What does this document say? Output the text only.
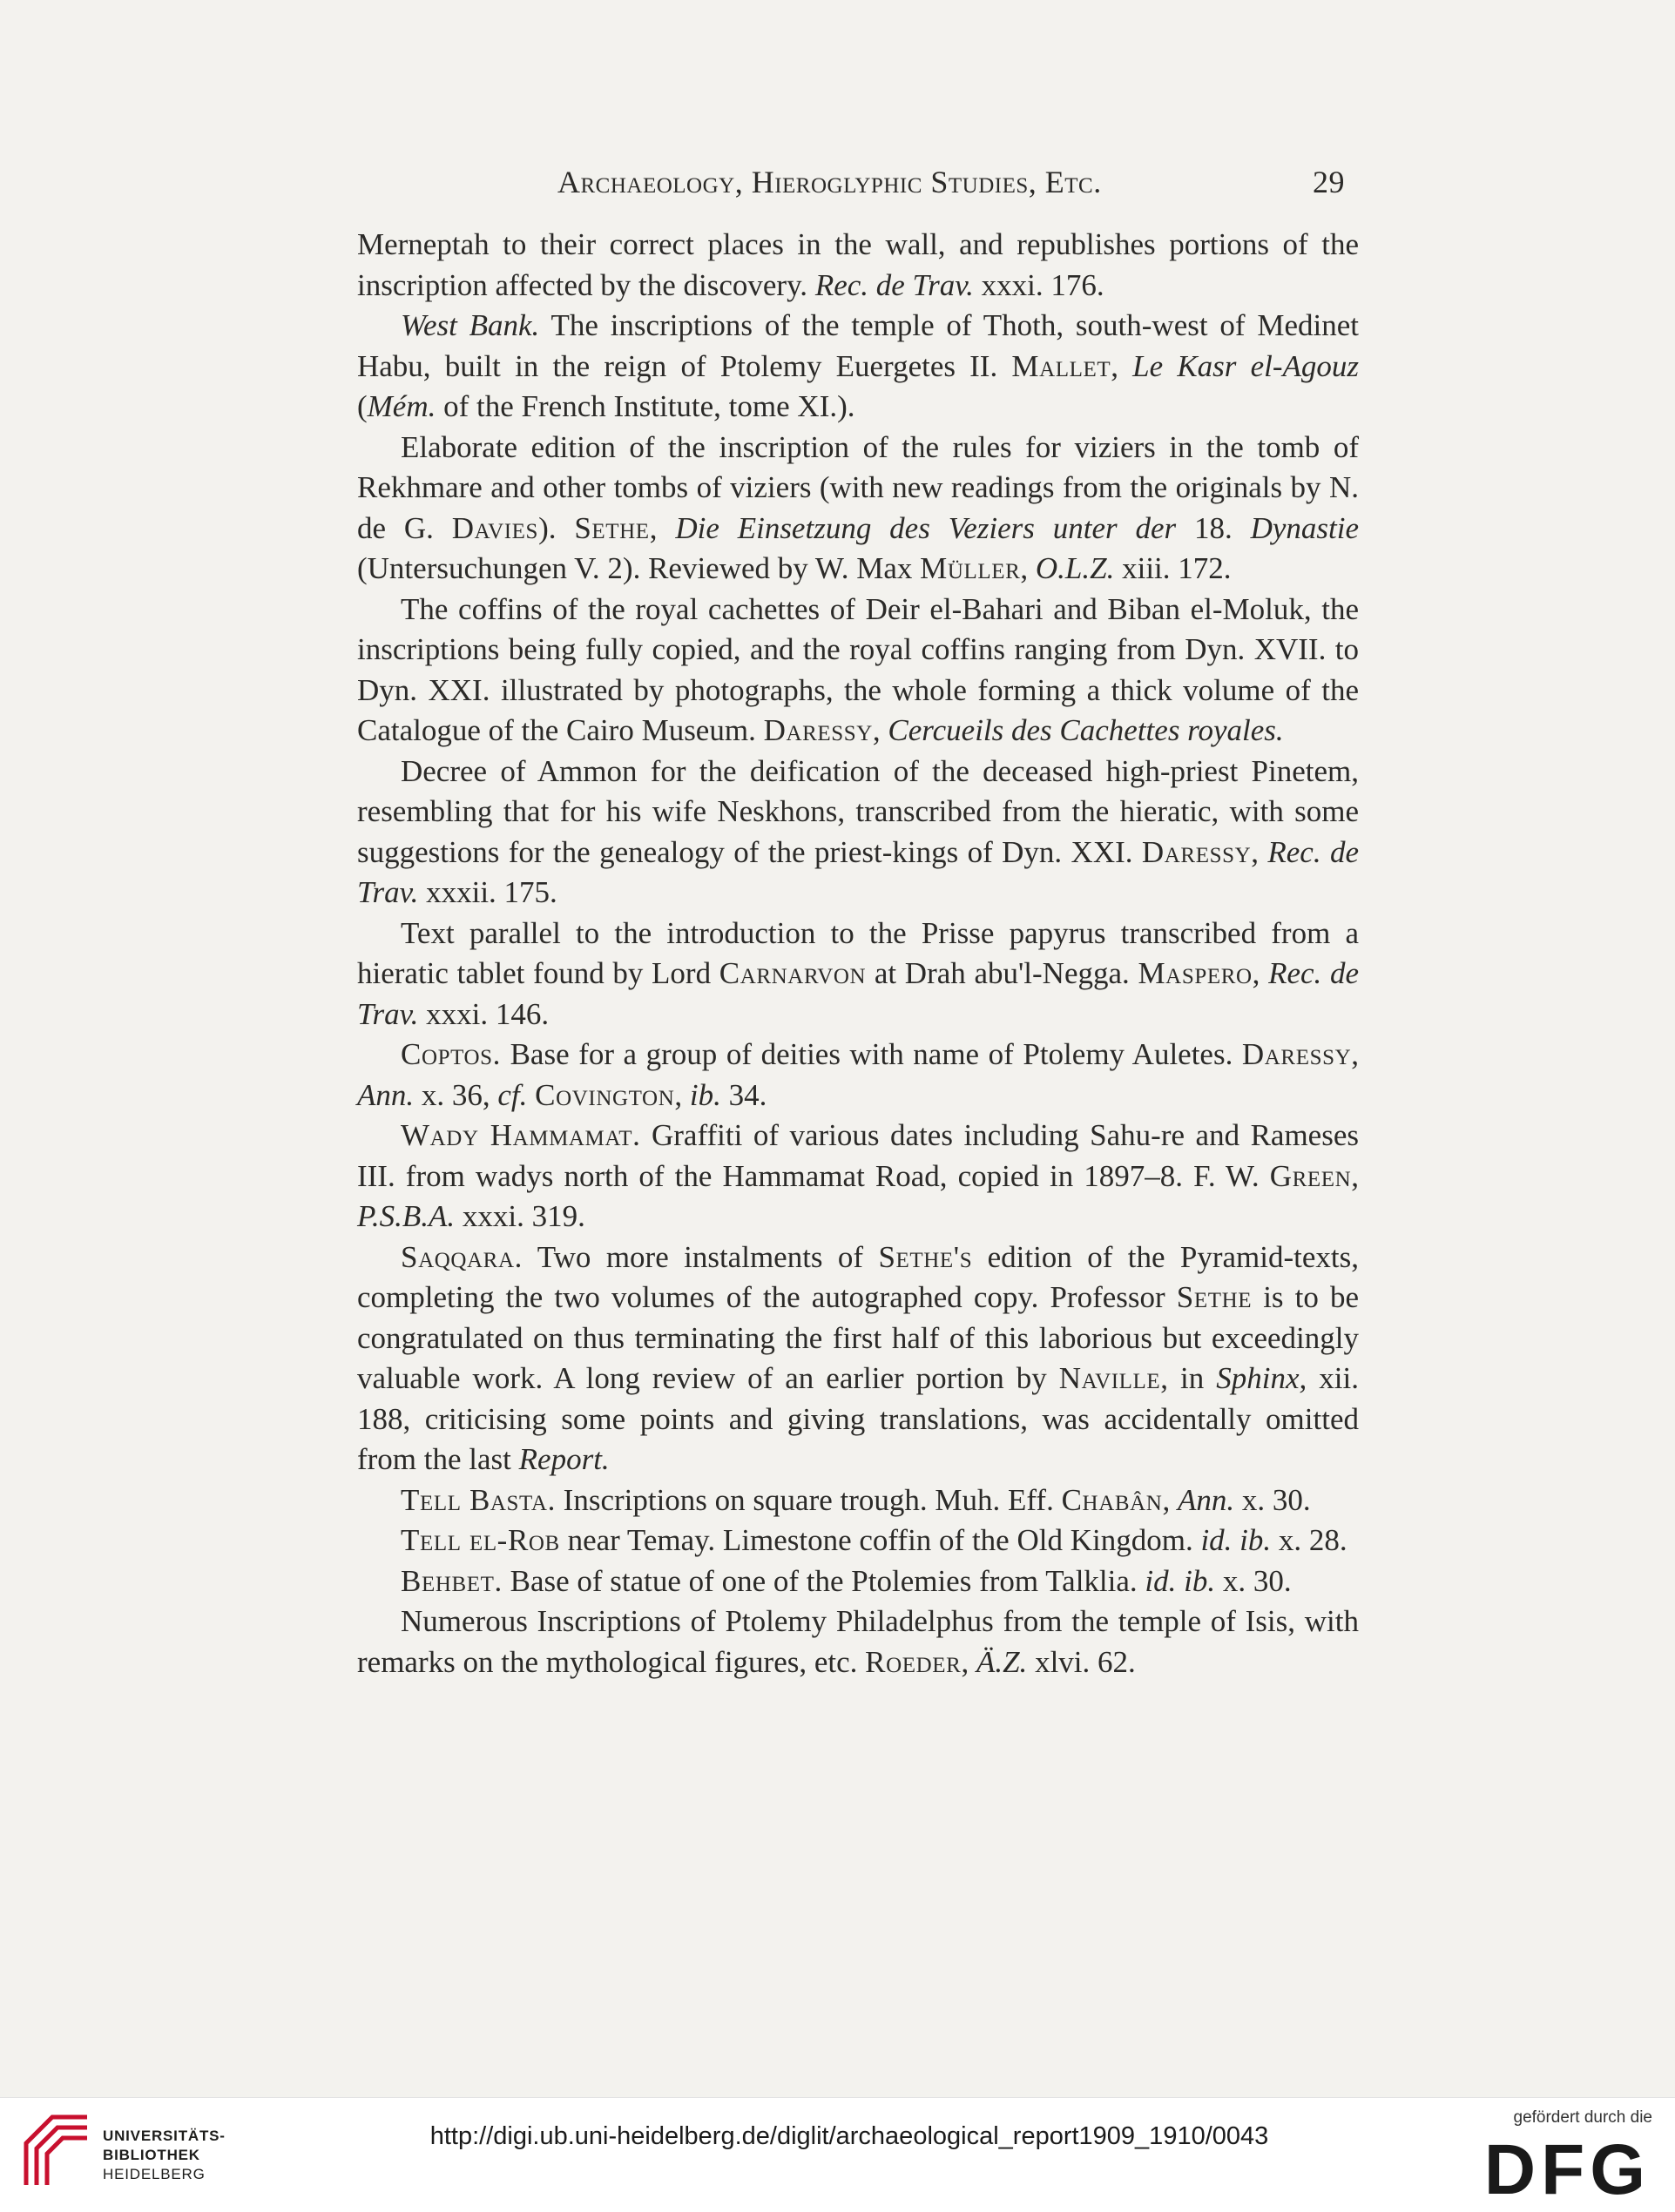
Archaeology, Hieroglyphic Studies, Etc.	29

Merneptah to their correct places in the wall, and republishes portions of the inscription affected by the discovery. Rec. de Trav. xxxi. 176.

West Bank. The inscriptions of the temple of Thoth, south-west of Medinet Habu, built in the reign of Ptolemy Euergetes II. Mallet, Le Kasr el-Agouz (Mém. of the French Institute, tome XI.).

Elaborate edition of the inscription of the rules for viziers in the tomb of Rekhmare and other tombs of viziers (with new readings from the originals by N. de G. Davies). Sethe, Die Einsetzung des Veziers unter der 18. Dynastie (Untersuchungen V. 2). Reviewed by W. Max Müller, O.L.Z. xiii. 172.

The coffins of the royal cachettes of Deir el-Bahari and Biban el-Moluk, the inscriptions being fully copied, and the royal coffins ranging from Dyn. XVII. to Dyn. XXI. illustrated by photographs, the whole forming a thick volume of the Catalogue of the Cairo Museum. Daressy, Cercueils des Cachettes royales.

Decree of Ammon for the deification of the deceased high-priest Pinetem, resembling that for his wife Neskhons, transcribed from the hieratic, with some suggestions for the genealogy of the priest-kings of Dyn. XXI. Daressy, Rec. de Trav. xxxii. 175.

Text parallel to the introduction to the Prisse papyrus transcribed from a hieratic tablet found by Lord Carnarvon at Drah abu'l-Negga. Maspero, Rec. de Trav. xxxi. 146.

Coptos. Base for a group of deities with name of Ptolemy Auletes. Daressy, Ann. x. 36, cf. Covington, ib. 34.

Wady Hammamat. Graffiti of various dates including Sahu-re and Rameses III. from wadys north of the Hammamat Road, copied in 1897–8. F. W. Green, P.S.B.A. xxxi. 319.

Saqqara. Two more instalments of Sethe's edition of the Pyramid-texts, completing the two volumes of the autographed copy. Professor Sethe is to be congratulated on thus terminating the first half of this laborious but exceedingly valuable work. A long review of an earlier portion by Naville, in Sphinx, xii. 188, criticising some points and giving translations, was accidentally omitted from the last Report.

Tell Basta. Inscriptions on square trough. Muh. Eff. Chabân, Ann. x. 30.

Tell el-Rob near Temay. Limestone coffin of the Old Kingdom. id. ib. x. 28.

Behbet. Base of statue of one of the Ptolemies from Talklia. id. ib. x. 30.

Numerous Inscriptions of Ptolemy Philadelphus from the temple of Isis, with remarks on the mythological figures, etc. Roeder, Ä.Z. xlvi. 62.

UNIVERSITÄTS-
BIBLIOTHEK
HEIDELBERG
http://digi.ub.uni-heidelberg.de/diglit/archaeological_report1909_1910/0043
gefördert durch die
DFG
